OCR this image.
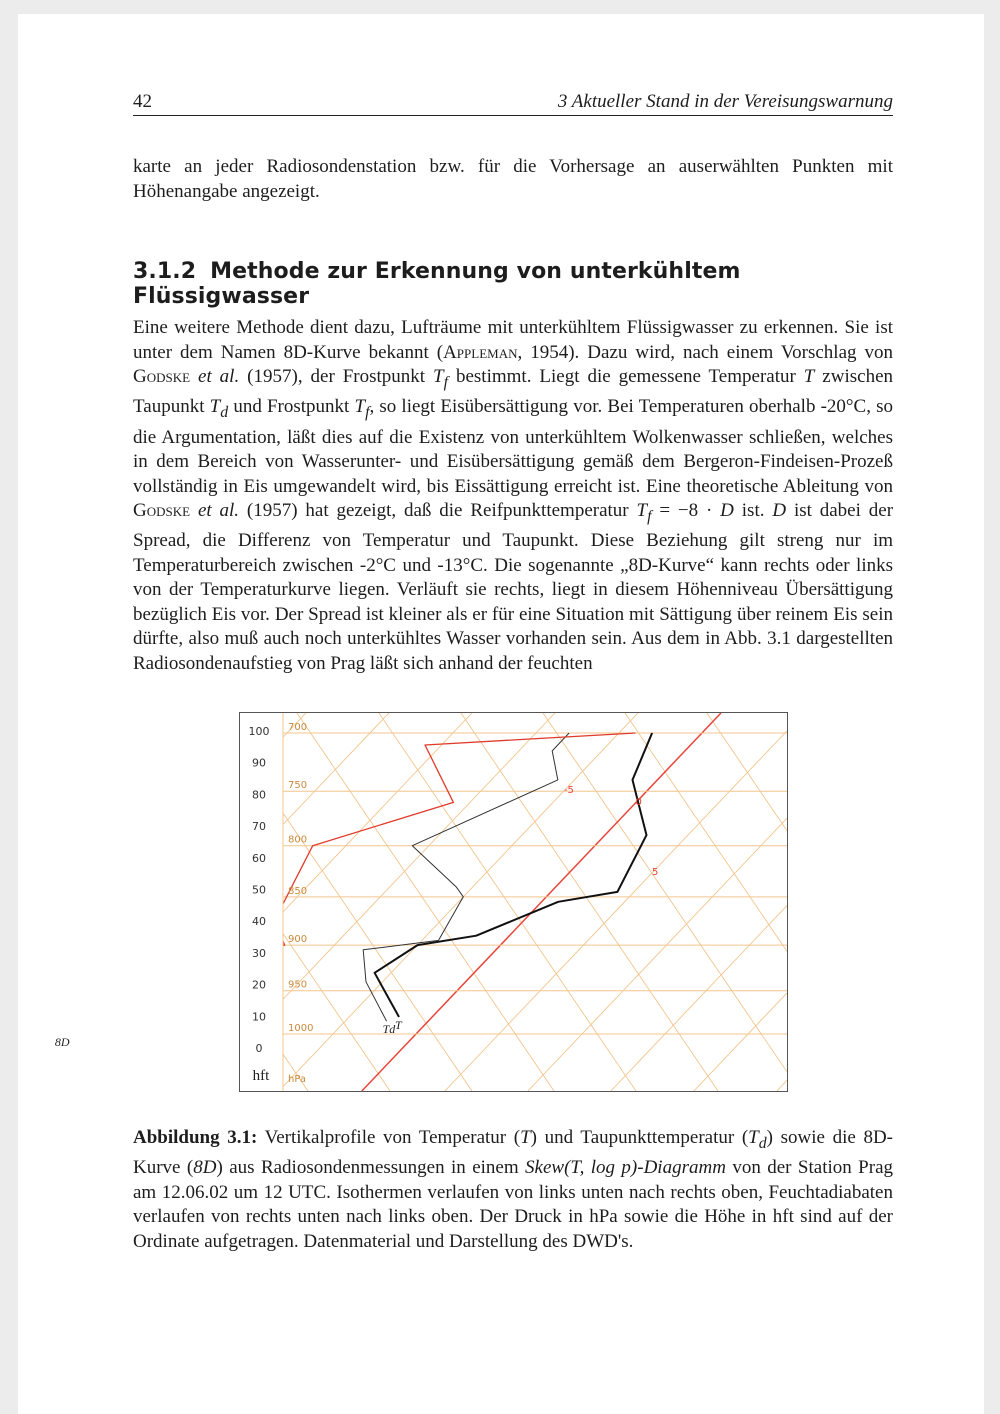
42	3 Aktueller Stand in der Vereisungswarnung
karte an jeder Radiosondenstation bzw. für die Vorhersage an auserwählten Punkten mit Höhenangabe angezeigt.
3.1.2 Methode zur Erkennung von unterkühltem Flüssigwasser
Eine weitere Methode dient dazu, Lufträume mit unterkühltem Flüssigwasser zu erkennen. Sie ist unter dem Namen 8D-Kurve bekannt (Appleman, 1954). Dazu wird, nach einem Vorschlag von Godske et al. (1957), der Frostpunkt $T_f$ bestimmt. Liegt die gemessene Temperatur T zwischen Taupunkt $T_d$ und Frostpunkt $T_f$, so liegt Eisübersättigung vor. Bei Temperaturen oberhalb -20°C, so die Argumentation, läßt dies auf die Existenz von unterkühltem Wolkenwasser schließen, welches in dem Bereich von Wasserunter- und Eisübersättigung gemäß dem Bergeron-Findeisen-Prozeß vollständig in Eis umgewandelt wird, bis Eissättigung erreicht ist. Eine theoretische Ableitung von Godske et al. (1957) hat gezeigt, daß die Reifpunkttemperatur $T_f = -8 \cdot D$ ist. D ist dabei der Spread, die Differenz von Temperatur und Taupunkt. Diese Beziehung gilt streng nur im Temperaturbereich zwischen -2°C und -13°C. Die sogenannte „8D-Kurve“ kann rechts oder links von der Temperaturkurve liegen. Verläuft sie rechts, liegt in diesem Höhenniveau Übersättigung bezüglich Eis vor. Der Spread ist kleiner als er für eine Situation mit Sättigung über reinem Eis sein dürfte, also muß auch noch unterkühltes Wasser vorhanden sein. Aus dem in Abb. 3.1 dargestellten Radiosondenaufstieg von Prag läßt sich anhand der feuchten
700
750
800
850
900
950
1000
hPa
100
90
80
70
60
50
40
30
20
10
0
hft
-5
0
5
T
Td
8D
Abbildung 3.1: Vertikalprofile von Temperatur (T) und Taupunkttemperatur $(T_d)$ sowie die 8D-Kurve (8D) aus Radiosondenmessungen in einem Skew(T, log p)-Diagramm von der Station Prag am 12.06.02 um 12 UTC. Isothermen verlaufen von links unten nach rechts oben, Feuchtadiabaten verlaufen von rechts unten nach links oben. Der Druck in hPa sowie die Höhe in hft sind auf der Ordinate aufgetragen. Datenmaterial und Darstellung des DWD's.
